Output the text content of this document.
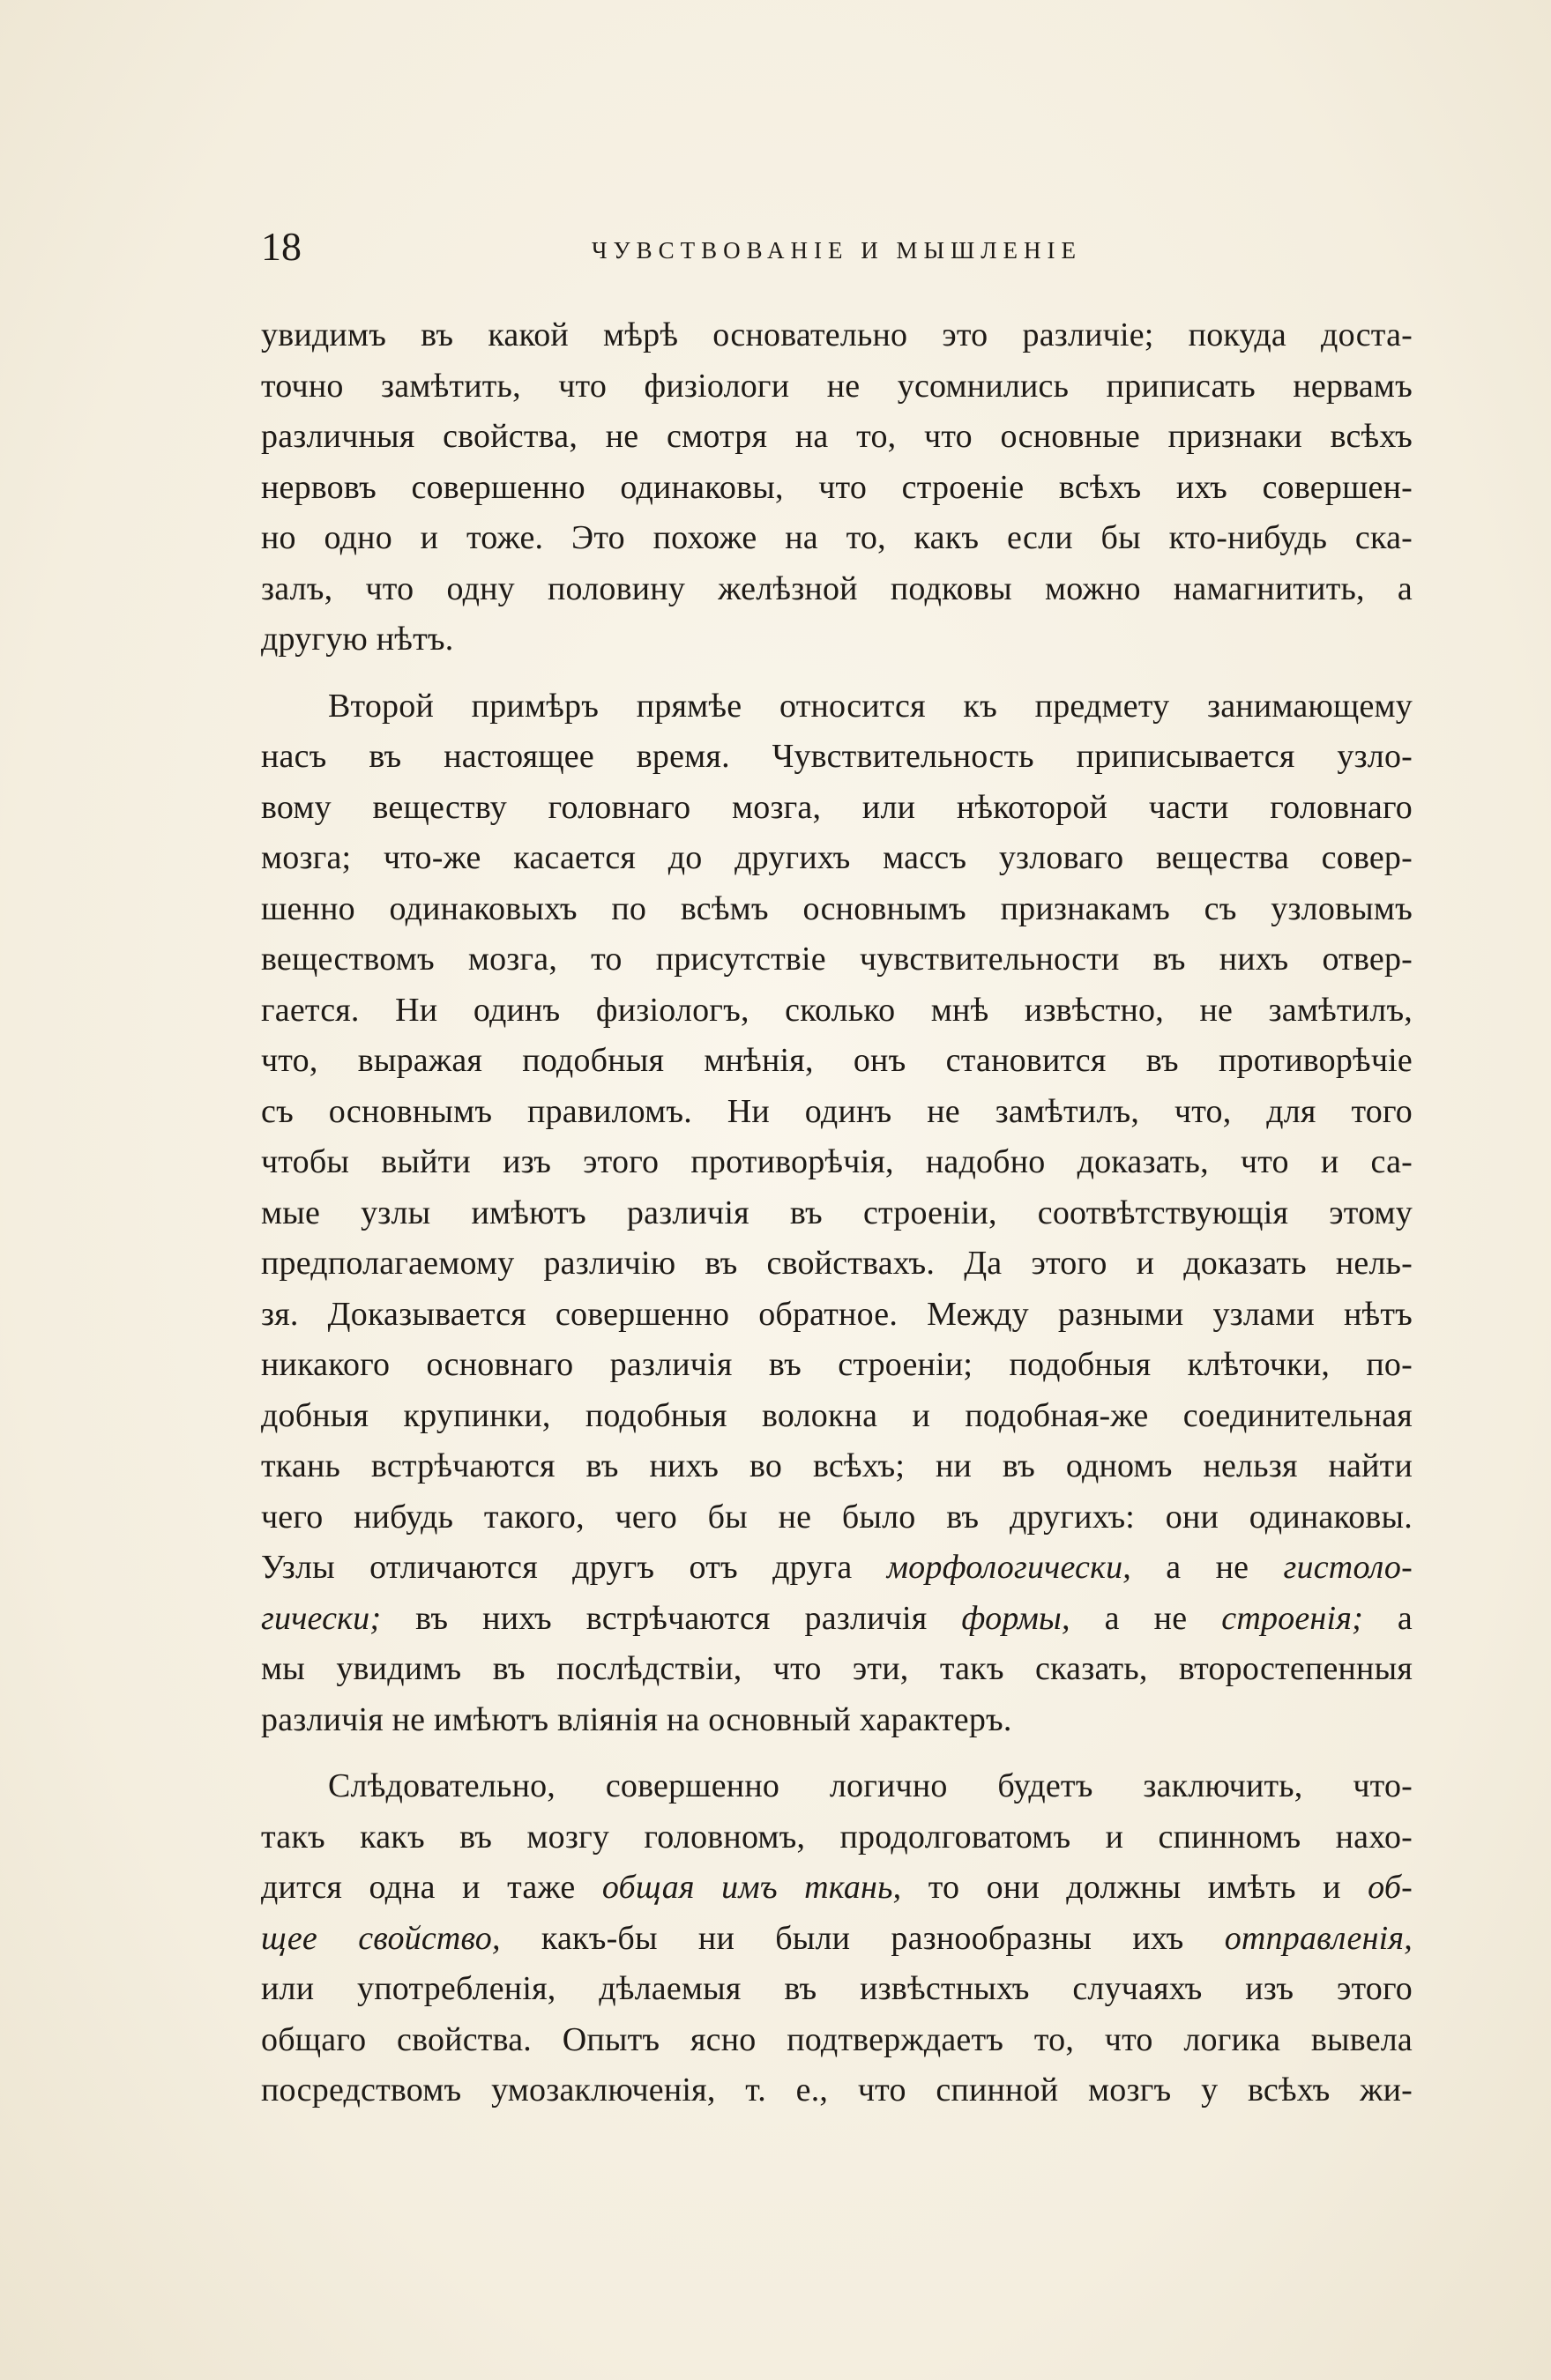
18	ЧУВСТВОВАНІЕ И МЫШЛЕНІЕ
увидимъ въ какой мѣрѣ основательно это различіе; покуда доста-
точно замѣтить, что физіологи не усомнились приписать нервамъ
различныя свойства, не смотря на то, что основные признаки всѣхъ
нервовъ совершенно одинаковы, что строеніе всѣхъ ихъ совершен-
но одно и тоже. Это похоже на то, какъ если бы кто-нибудь ска-
залъ, что одну половину желѣзной подковы можно намагнитить, а
другую нѣтъ.
Второй примѣръ прямѣе относится къ предмету занимающему
насъ въ настоящее время. Чувствительность приписывается узло-
вому веществу головнаго мозга, или нѣкоторой части головнаго
мозга; что-же касается до другихъ массъ узловаго вещества совер-
шенно одинаковыхъ по всѣмъ основнымъ признакамъ съ узловымъ
веществомъ мозга, то присутствіе чувствительности въ нихъ отвер-
гается. Ни одинъ физіологъ, сколько мнѣ извѣстно, не замѣтилъ,
что, выражая подобныя мнѣнія, онъ становится въ противорѣчіе
съ основнымъ правиломъ. Ни одинъ не замѣтилъ, что, для того
чтобы выйти изъ этого противорѣчія, надобно доказать, что и са-
мые узлы имѣютъ различія въ строеніи, соотвѣтствующія этому
предполагаемому различію въ свойствахъ. Да этого и доказать нель-
зя. Доказывается совершенно обратное. Между разными узлами нѣтъ
никакого основнаго различія въ строеніи; подобныя клѣточки, по-
добныя крупинки, подобныя волокна и подобная-же соединительная
ткань встрѣчаются въ нихъ во всѣхъ; ни въ одномъ нельзя найти
чего нибудь такого, чего бы не было въ другихъ: они одинаковы.
Узлы отличаются другъ отъ друга морфологически, а не гистоло-
гически; въ нихъ встрѣчаются различія формы, а не строенія; а
мы увидимъ въ послѣдствіи, что эти, такъ сказать, второстепенныя
различія не имѣютъ вліянія на основный характеръ.
Слѣдовательно, совершенно логично будетъ заключить, что-
такъ какъ въ мозгу головномъ, продолговатомъ и спинномъ нахо-
дится одна и таже общая имъ ткань, то они должны имѣть и об-
щее свойство, какъ-бы ни были разнообразны ихъ отправленія,
или употребленія, дѣлаемыя въ извѣстныхъ случаяхъ изъ этого
общаго свойства. Опытъ ясно подтверждаетъ то, что логика вывела
посредствомъ умозаключенія, т. е., что спинной мозгъ у всѣхъ жи-
